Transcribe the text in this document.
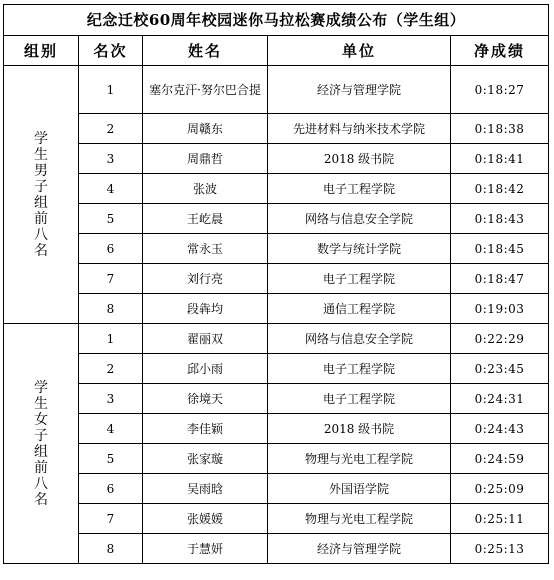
纪念迁校60周年校园迷你马拉松赛成绩公布（学生组）				
组别	名次	姓名	单位	净成绩
学生男子组前八名	1	塞尔克汗·努尔巴合提	经济与管理学院	0:18:27
	2	周赣东	先进材料与纳米技术学院	0:18:38
	3	周鼎哲	2018 级书院	0:18:41
	4	张波	电子工程学院	0:18:42
	5	王屹晨	网络与信息安全学院	0:18:43
	6	常永玉	数学与统计学院	0:18:45
	7	刘行亮	电子工程学院	0:18:47
	8	段犇均	通信工程学院	0:19:03
学生女子组前八名	1	翟丽双	网络与信息安全学院	0:22:29
	2	邱小雨	电子工程学院	0:23:45
	3	徐境天	电子工程学院	0:24:31
	4	李佳颖	2018 级书院	0:24:43
	5	张家璇	物理与光电工程学院	0:24:59
	6	吴雨晗	外国语学院	0:25:09
	7	张媛媛	物理与光电工程学院	0:25:11
	8	于慧妍	经济与管理学院	0:25:13
